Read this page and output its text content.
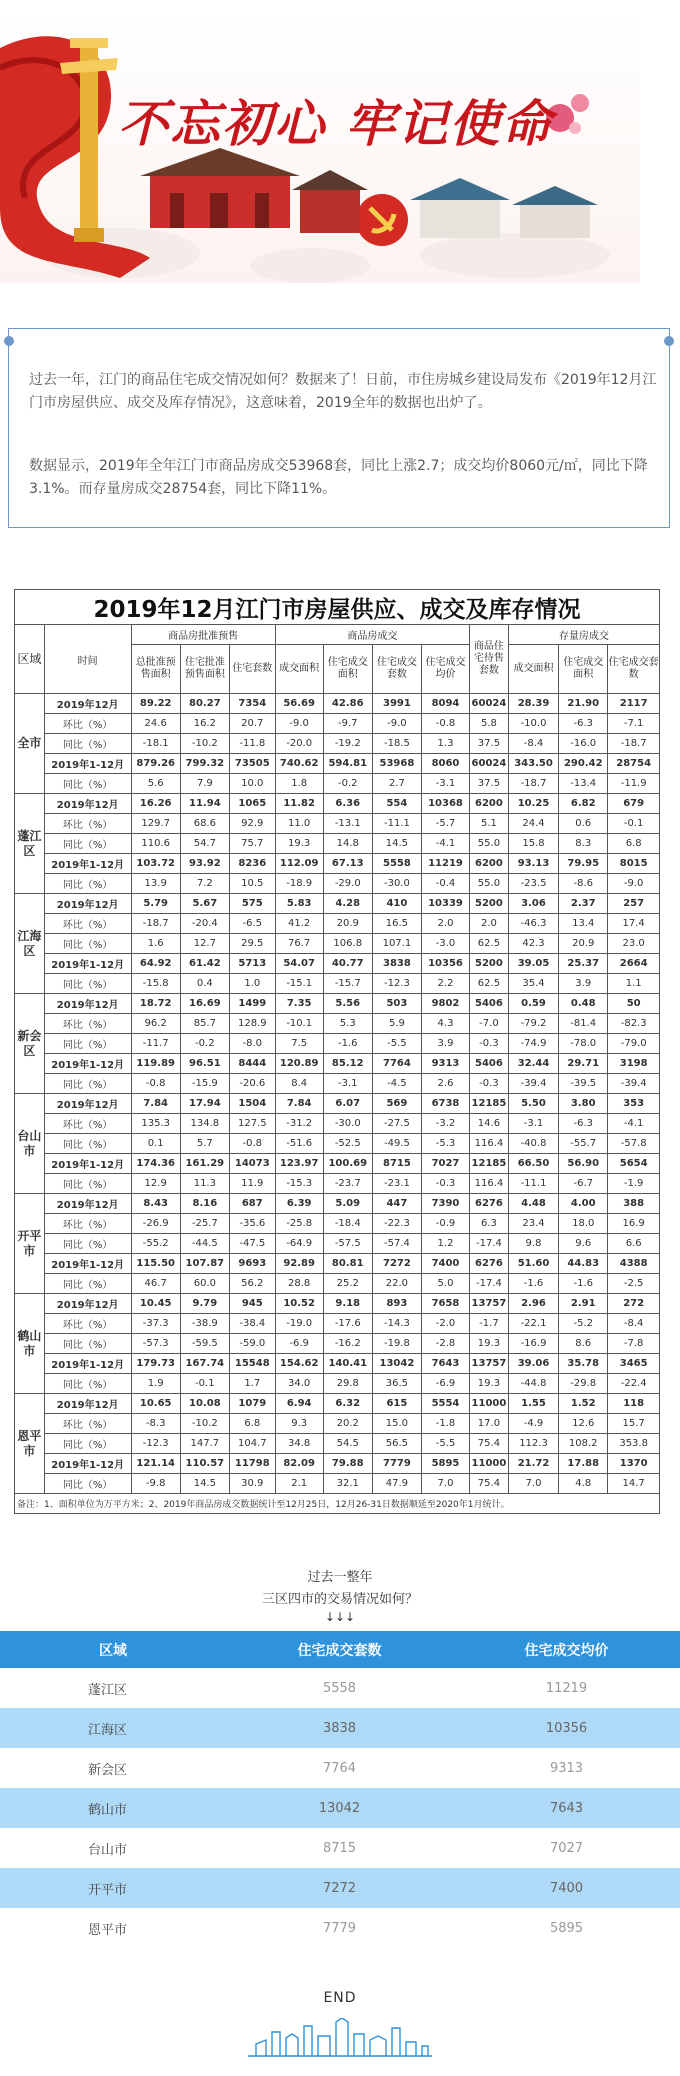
不忘初心 牢记使命

过去一年，江门的商品住宅成交情况如何？数据来了！日前，市住房城乡建设局发布《2019年12月江门市房屋供应、成交及库存情况》，这意味着，2019全年的数据也出炉了。

数据显示，2019年全年江门市商品房成交53968套，同比上涨2.7；成交均价8060元/㎡，同比下降3.1%。而存量房成交28754套，同比下降11%。

2019年12月江门市房屋供应、成交及库存情况												
区域	时间	商品房批准预售			商品房成交				商品住宅待售套数	存量房成交		
		总批准预售面积	住宅批准预售面积	住宅套数	成交面积	住宅成交面积	住宅成交套数	住宅成交均价		成交面积	住宅成交面积	住宅成交套数
全市	2019年12月	89.22	80.27	7354	56.69	42.86	3991	8094	60024	28.39	21.90	2117
	环比（%）	24.6	16.2	20.7	-9.0	-9.7	-9.0	-0.8	5.8	-10.0	-6.3	-7.1
	同比（%）	-18.1	-10.2	-11.8	-20.0	-19.2	-18.5	1.3	37.5	-8.4	-16.0	-18.7
	2019年1-12月	879.26	799.32	73505	740.62	594.81	53968	8060	60024	343.50	290.42	28754
	同比（%）	5.6	7.9	10.0	1.8	-0.2	2.7	-3.1	37.5	-18.7	-13.4	-11.9
蓬江区	2019年12月	16.26	11.94	1065	11.82	6.36	554	10368	6200	10.25	6.82	679
	环比（%）	129.7	68.6	92.9	11.0	-13.1	-11.1	-5.7	5.1	24.4	0.6	-0.1
	同比（%）	110.6	54.7	75.7	19.3	14.8	14.5	-4.1	55.0	15.8	8.3	6.8
	2019年1-12月	103.72	93.92	8236	112.09	67.13	5558	11219	6200	93.13	79.95	8015
	同比（%）	13.9	7.2	10.5	-18.9	-29.0	-30.0	-0.4	55.0	-23.5	-8.6	-9.0
江海区	2019年12月	5.79	5.67	575	5.83	4.28	410	10339	5200	3.06	2.37	257
	环比（%）	-18.7	-20.4	-6.5	41.2	20.9	16.5	2.0	2.0	-46.3	13.4	17.4
	同比（%）	1.6	12.7	29.5	76.7	106.8	107.1	-3.0	62.5	42.3	20.9	23.0
	2019年1-12月	64.92	61.42	5713	54.07	40.77	3838	10356	5200	39.05	25.37	2664
	同比（%）	-15.8	0.4	1.0	-15.1	-15.7	-12.3	2.2	62.5	35.4	3.9	1.1
新会区	2019年12月	18.72	16.69	1499	7.35	5.56	503	9802	5406	0.59	0.48	50
	环比（%）	96.2	85.7	128.9	-10.1	5.3	5.9	4.3	-7.0	-79.2	-81.4	-82.3
	同比（%）	-11.7	-0.2	-8.0	7.5	-1.6	-5.5	3.9	-0.3	-74.9	-78.0	-79.0
	2019年1-12月	119.89	96.51	8444	120.89	85.12	7764	9313	5406	32.44	29.71	3198
	同比（%）	-0.8	-15.9	-20.6	8.4	-3.1	-4.5	2.6	-0.3	-39.4	-39.5	-39.4
台山市	2019年12月	7.84	17.94	1504	7.84	6.07	569	6738	12185	5.50	3.80	353
	环比（%）	135.3	134.8	127.5	-31.2	-30.0	-27.5	-3.2	14.6	-3.1	-6.3	-4.1
	同比（%）	0.1	5.7	-0.8	-51.6	-52.5	-49.5	-5.3	116.4	-40.8	-55.7	-57.8
	2019年1-12月	174.36	161.29	14073	123.97	100.69	8715	7027	12185	66.50	56.90	5654
	同比（%）	12.9	11.3	11.9	-15.3	-23.7	-23.1	-0.3	116.4	-11.1	-6.7	-1.9
开平市	2019年12月	8.43	8.16	687	6.39	5.09	447	7390	6276	4.48	4.00	388
	环比（%）	-26.9	-25.7	-35.6	-25.8	-18.4	-22.3	-0.9	6.3	23.4	18.0	16.9
	同比（%）	-55.2	-44.5	-47.5	-64.9	-57.5	-57.4	1.2	-17.4	9.8	9.6	6.6
	2019年1-12月	115.50	107.87	9693	92.89	80.81	7272	7400	6276	51.60	44.83	4388
	同比（%）	46.7	60.0	56.2	28.8	25.2	22.0	5.0	-17.4	-1.6	-1.6	-2.5
鹤山市	2019年12月	10.45	9.79	945	10.52	9.18	893	7658	13757	2.96	2.91	272
	环比（%）	-37.3	-38.9	-38.4	-19.0	-17.6	-14.3	-2.0	-1.7	-22.1	-5.2	-8.4
	同比（%）	-57.3	-59.5	-59.0	-6.9	-16.2	-19.8	-2.8	19.3	-16.9	8.6	-7.8
	2019年1-12月	179.73	167.74	15548	154.62	140.41	13042	7643	13757	39.06	35.78	3465
	同比（%）	1.9	-0.1	1.7	34.0	29.8	36.5	-6.9	19.3	-44.8	-29.8	-22.4
恩平市	2019年12月	10.65	10.08	1079	6.94	6.32	615	5554	11000	1.55	1.52	118
	环比（%）	-8.3	-10.2	6.8	9.3	20.2	15.0	-1.8	17.0	-4.9	12.6	15.7
	同比（%）	-12.3	147.7	104.7	34.8	54.5	56.5	-5.5	75.4	112.3	108.2	353.8
	2019年1-12月	121.14	110.57	11798	82.09	79.88	7779	5895	11000	21.72	17.88	1370
	同比（%）	-9.8	14.5	30.9	2.1	32.1	47.9	7.0	75.4	7.0	4.8	14.7
备注：1、面积单位为万平方米；2、2019年商品房成交数据统计至12月25日，12月26-31日数据顺延至2020年1月统计。												
过去一整年
三区四市的交易情况如何？
↓↓↓
区域	住宅成交套数	住宅成交均价
蓬江区	5558	11219
江海区	3838	10356
新会区	7764	9313
鹤山市	13042	7643
台山市	8715	7027
开平市	7272	7400
恩平市	7779	5895
END
